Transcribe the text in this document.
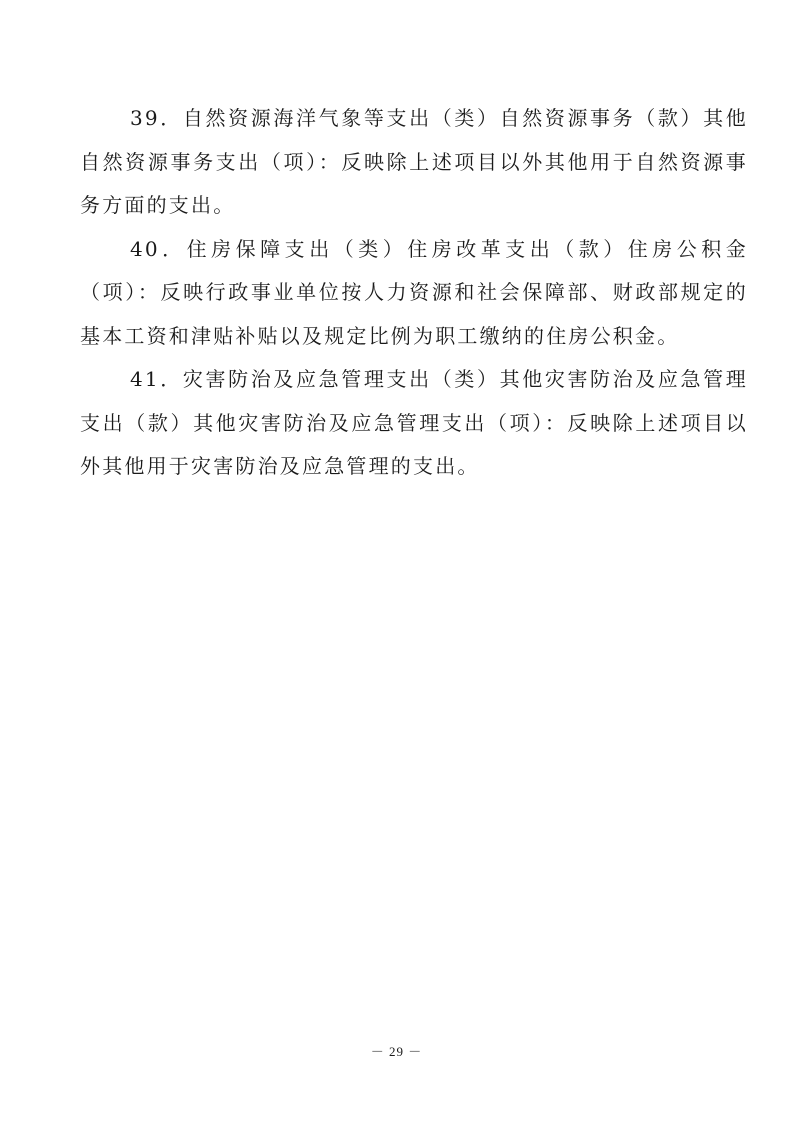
39．自然资源海洋气象等支出（类）自然资源事务（款）其他自然资源事务支出（项）：反映除上述项目以外其他用于自然资源事务方面的支出。

40．住房保障支出（类）住房改革支出（款）住房公积金（项）：反映行政事业单位按人力资源和社会保障部、财政部规定的 基本工资和津贴补贴以及规定比例为职工缴纳的住房公积金。

41．灾害防治及应急管理支出（类）其他灾害防治及应急管理支出（款）其他灾害防治及应急管理支出（项）：反映除上述项目以外其他用于灾害防治及应急管理的支出。

－ 29 －
